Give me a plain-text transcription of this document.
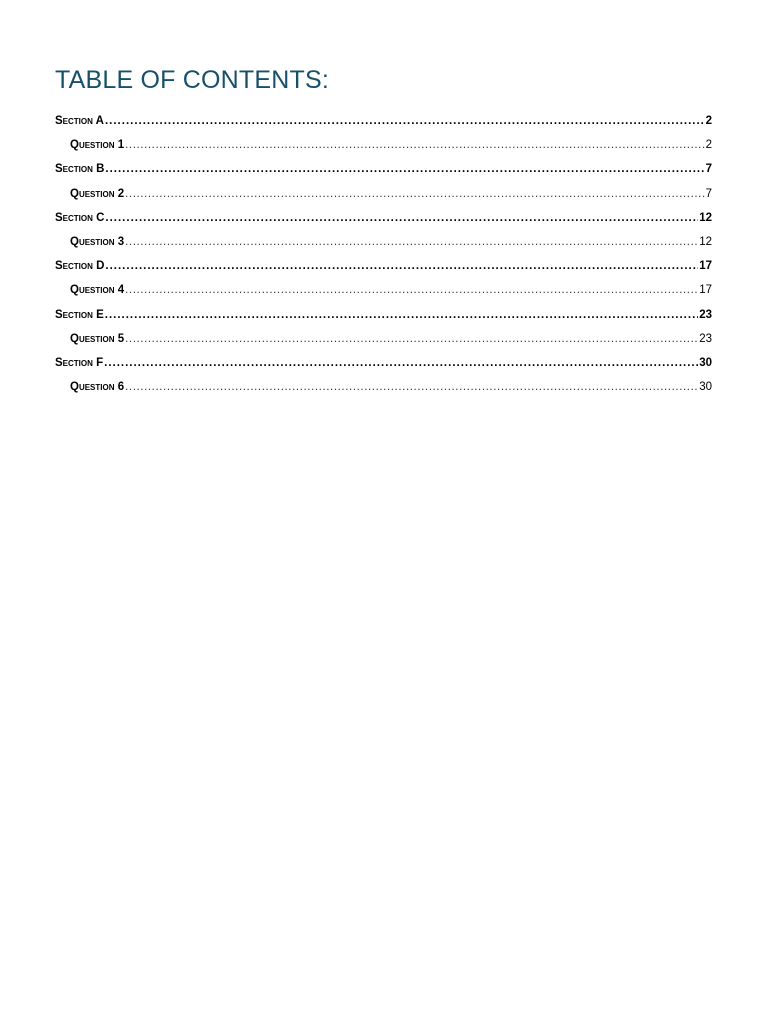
TABLE OF CONTENTS:
Section A .....	2
Question 1 .....	2
Section B .....	7
Question 2 .....	7
Section C .....	12
Question 3 .....	12
Section D .....	17
Question 4 .....	17
Section E .....	23
Question 5 .....	23
Section F .....	30
Question 6 .....	30
